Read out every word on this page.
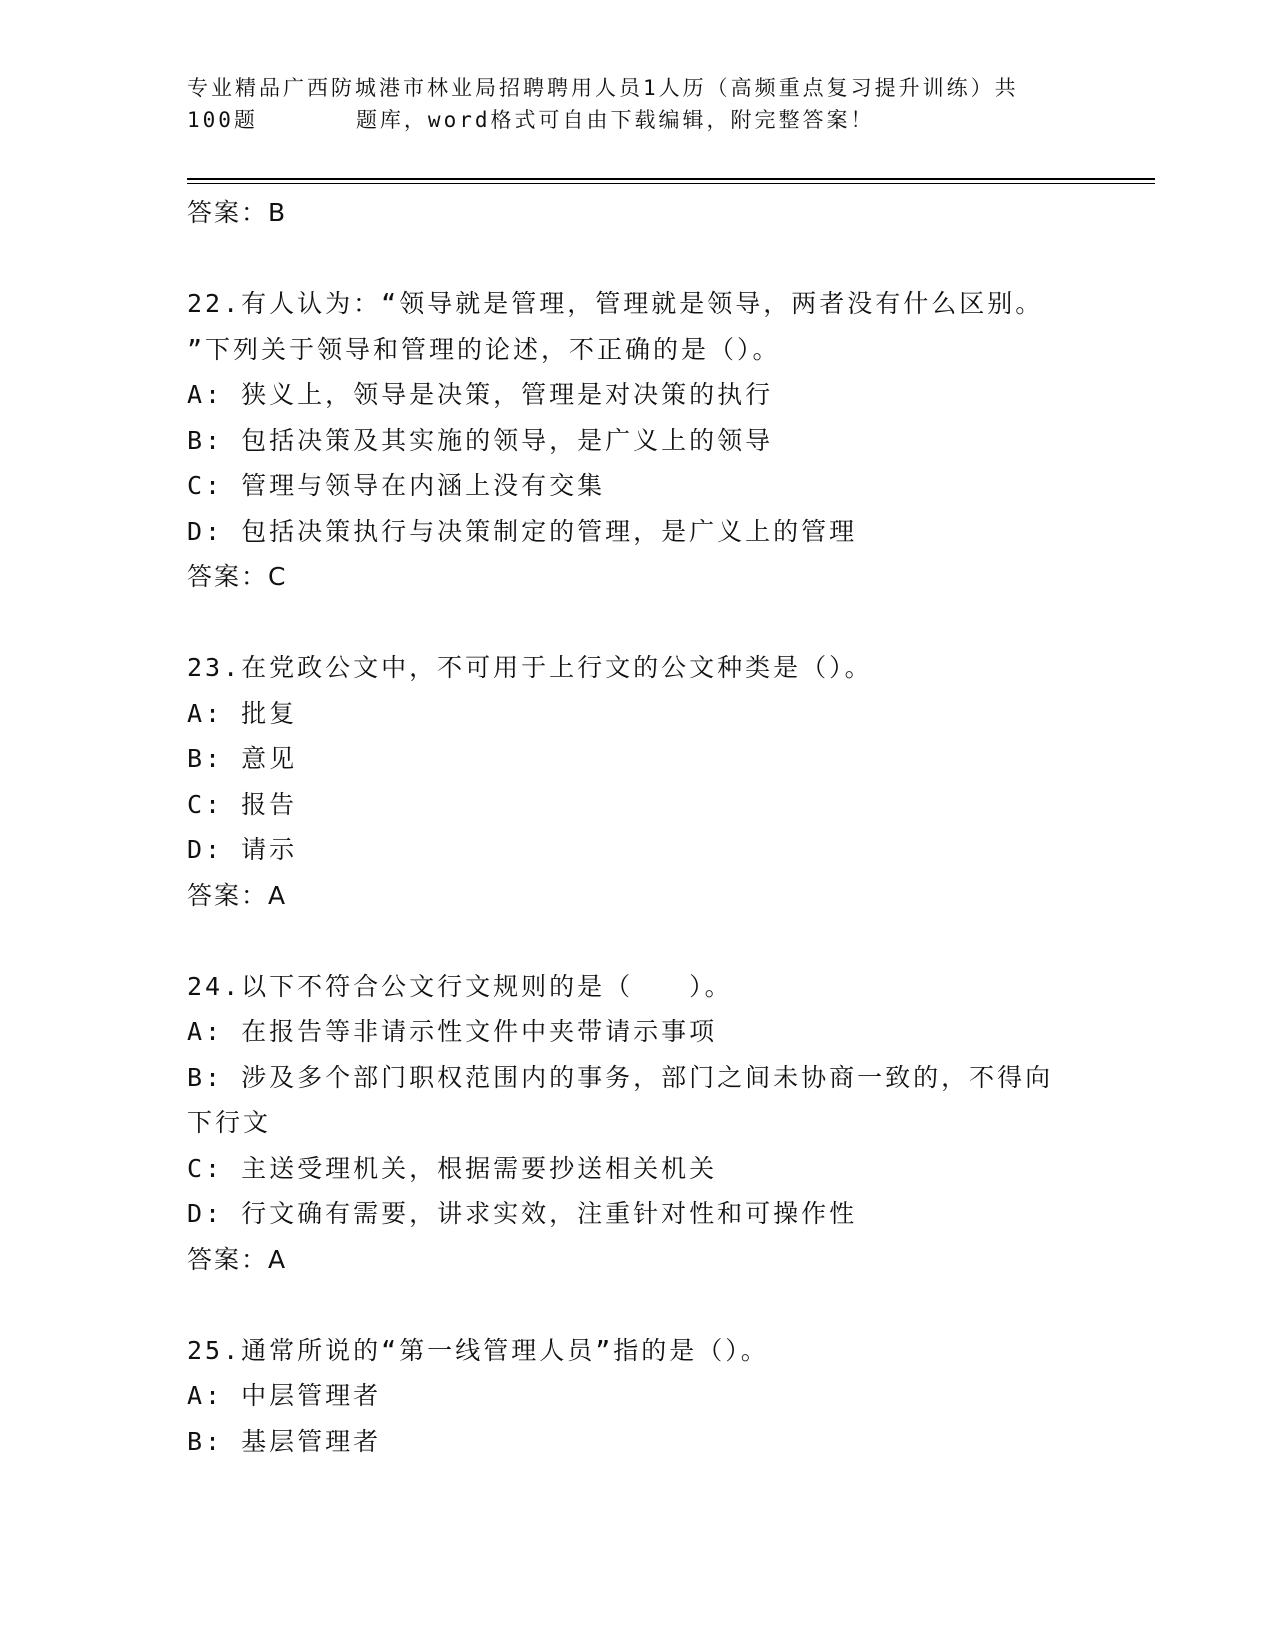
专业精品广西防城港市林业局招聘聘用人员1人历（高频重点复习提升训练）共
100题	题库，word格式可自由下载编辑，附完整答案！
答案：B
22.有人认为：“领导就是管理，管理就是领导，两者没有什么区别。
”下列关于领导和管理的论述，不正确的是（）。
A: 狭义上，领导是决策，管理是对决策的执行
B: 包括决策及其实施的领导，是广义上的领导
C: 管理与领导在内涵上没有交集
D: 包括决策执行与决策制定的管理，是广义上的管理
答案：C
23.在党政公文中，不可用于上行文的公文种类是（）。
A: 批复
B: 意见
C: 报告
D: 请示
答案：A
24.以下不符合公文行文规则的是（　　）。
A: 在报告等非请示性文件中夹带请示事项
B: 涉及多个部门职权范围内的事务，部门之间未协商一致的，不得向
下行文
C: 主送受理机关，根据需要抄送相关机关
D: 行文确有需要，讲求实效，注重针对性和可操作性
答案：A
25.通常所说的“第一线管理人员”指的是（）。
A: 中层管理者
B: 基层管理者
